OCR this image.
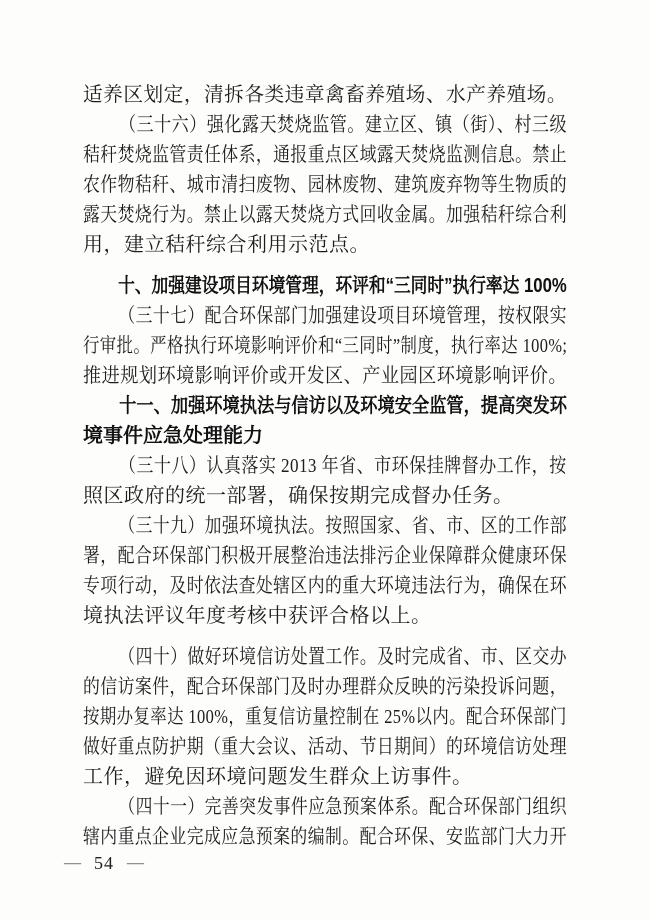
适养区划定，清拆各类违章禽畜养殖场、水产养殖场。
（三十六）强化露天焚烧监管。建立区、镇（街）、村三级
秸秆焚烧监管责任体系，通报重点区域露天焚烧监测信息。禁止
农作物秸秆、城市清扫废物、园林废物、建筑废弃物等生物质的
露天焚烧行为。禁止以露天焚烧方式回收金属。加强秸秆综合利
用，建立秸秆综合利用示范点。
十、加强建设项目环境管理，环评和“三同时”执行率达 100%
（三十七）配合环保部门加强建设项目环境管理，按权限实
行审批。严格执行环境影响评价和“三同时”制度，执行率达 100%;
推进规划环境影响评价或开发区、产业园区环境影响评价。
十一、加强环境执法与信访以及环境安全监管，提高突发环
境事件应急处理能力
（三十八）认真落实 2013 年省、市环保挂牌督办工作，按
照区政府的统一部署，确保按期完成督办任务。
（三十九）加强环境执法。按照国家、省、市、区的工作部
署，配合环保部门积极开展整治违法排污企业保障群众健康环保
专项行动，及时依法查处辖区内的重大环境违法行为，确保在环
境执法评议年度考核中获评合格以上。
（四十）做好环境信访处置工作。及时完成省、市、区交办
的信访案件，配合环保部门及时办理群众反映的污染投诉问题，
按期办复率达 100%，重复信访量控制在 25%以内。配合环保部门
做好重点防护期（重大会议、活动、节日期间）的环境信访处理
工作，避免因环境问题发生群众上访事件。
（四十一）完善突发事件应急预案体系。配合环保部门组织
辖内重点企业完成应急预案的编制。配合环保、安监部门大力开
— 54 —
